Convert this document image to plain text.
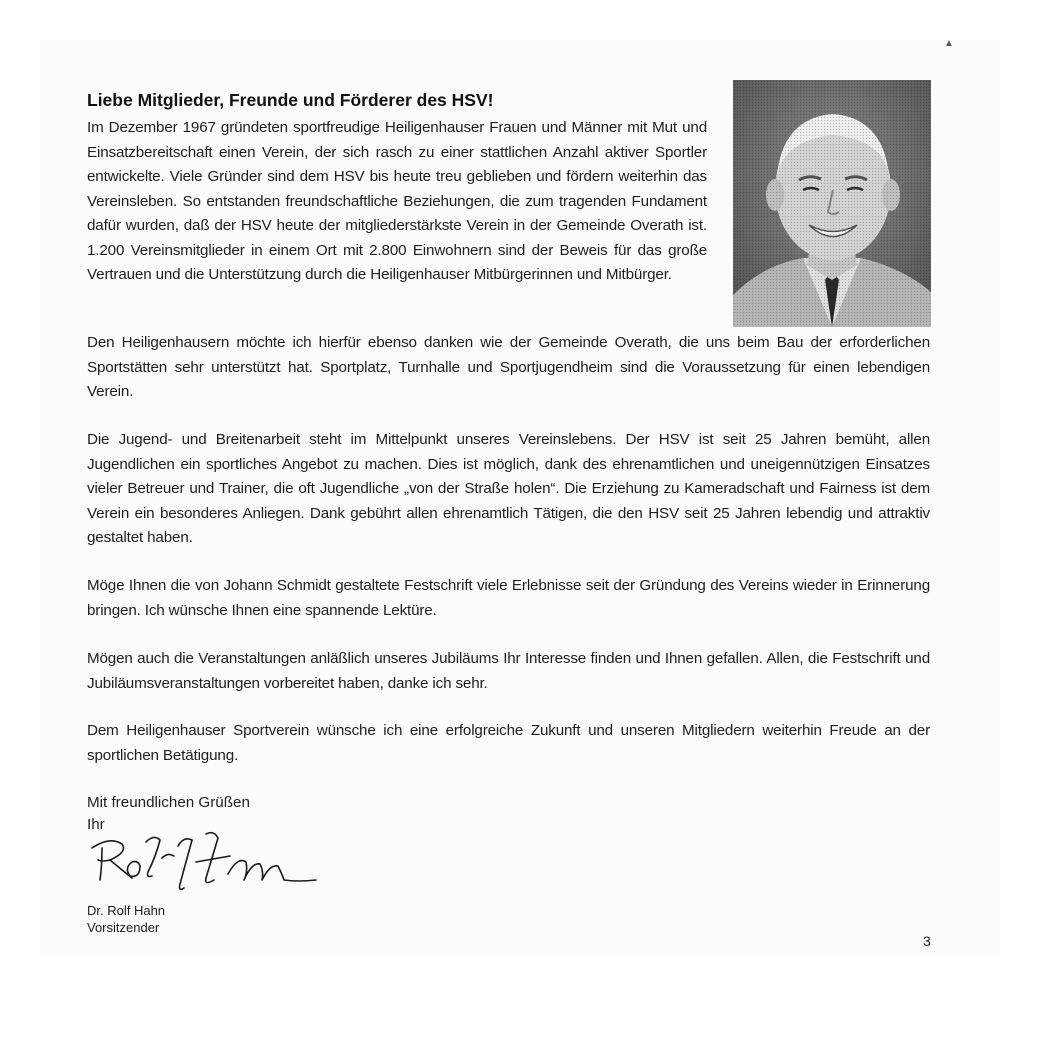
▲
Liebe Mitglieder, Freunde und Förderer des HSV!

Im Dezember 1967 gründeten sportfreudige Heiligenhauser Frauen und Männer mit Mut und Einsatzbereitschaft einen Verein, der sich rasch zu einer stattlichen Anzahl aktiver Sportler entwickelte. Viele Gründer sind dem HSV bis heute treu geblieben und fördern weiterhin das Vereinsleben. So entstanden freundschaftliche Beziehungen, die zum tragenden Fundament dafür wurden, daß der HSV heute der mitgliederstärkste Verein in der Gemeinde Overath ist. 1.200 Vereinsmitglieder in einem Ort mit 2.800 Einwohnern sind der Beweis für das große Vertrauen und die Unterstützung durch die Heiligenhauser Mitbürgerinnen und Mitbürger.

Den Heiligenhausern möchte ich hierfür ebenso danken wie der Gemeinde Overath, die uns beim Bau der erforderlichen Sportstätten sehr unterstützt hat. Sportplatz, Turnhalle und Sportjugendheim sind die Voraussetzung für einen lebendigen Verein.

Die Jugend- und Breitenarbeit steht im Mittelpunkt unseres Vereinslebens. Der HSV ist seit 25 Jahren bemüht, allen Jugendlichen ein sportliches Angebot zu machen. Dies ist möglich, dank des ehrenamtlichen und uneigennützigen Einsatzes vieler Betreuer und Trainer, die oft Jugendliche „von der Straße holen“. Die Erziehung zu Kameradschaft und Fairness ist dem Verein ein besonderes Anliegen. Dank gebührt allen ehrenamtlich Tätigen, die den HSV seit 25 Jahren lebendig und attraktiv gestaltet haben.

Möge Ihnen die von Johann Schmidt gestaltete Festschrift viele Erlebnisse seit der Gründung des Vereins wieder in Erinnerung bringen. Ich wünsche Ihnen eine spannende Lektüre.

Mögen auch die Veranstaltungen anläßlich unseres Jubiläums Ihr Interesse finden und Ihnen gefallen. Allen, die Festschrift und Jubiläumsveranstaltungen vorbereitet haben, danke ich sehr.

Dem Heiligenhauser Sportverein wünsche ich eine erfolgreiche Zukunft und unseren Mitgliedern weiterhin Freude an der sportlichen Betätigung.

Mit freundlichen Grüßen
Ihr
Dr. Rolf Hahn
Vorsitzender
3
